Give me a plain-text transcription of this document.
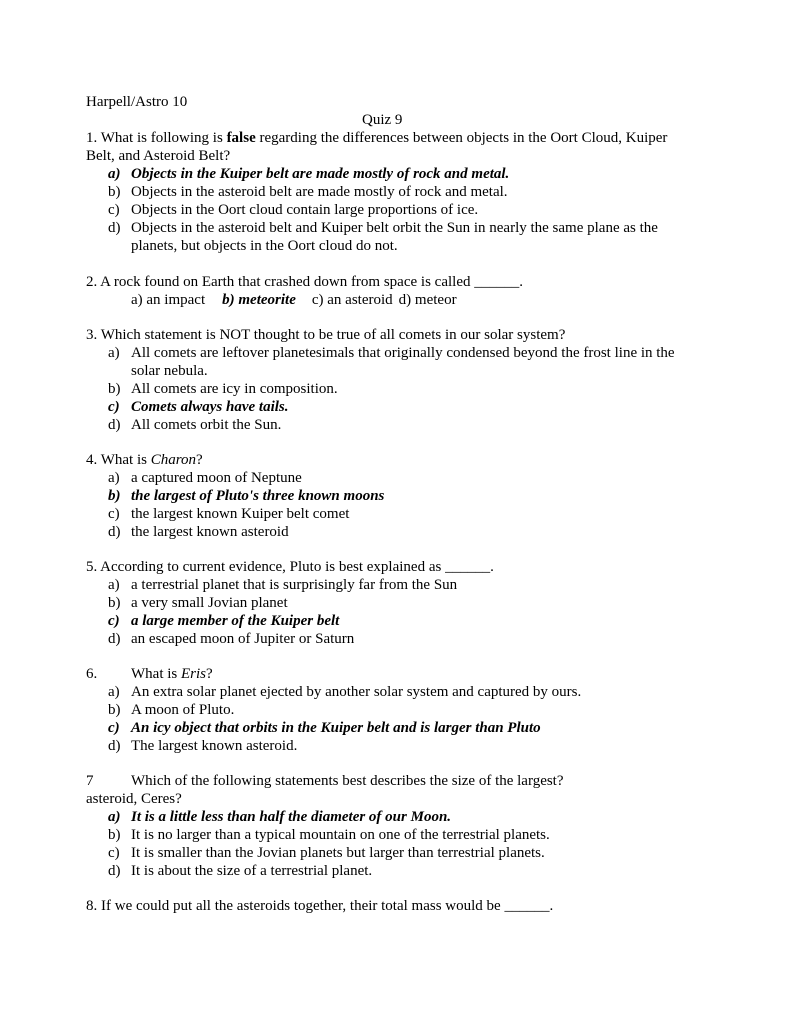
Harpell/Astro 10
Quiz 9
1. What is following is false regarding the differences between objects in the Oort Cloud, Kuiper
Belt, and Asteroid Belt?
a) Objects in the Kuiper belt are made mostly of rock and metal.
b) Objects in the asteroid belt are made mostly of rock and metal.
c) Objects in the Oort cloud contain large proportions of ice.
d) Objects in the asteroid belt and Kuiper belt orbit the Sun in nearly the same plane as the
planets, but objects in the Oort cloud do not.
2. A rock found on Earth that crashed down from space is called ______.
a) an impact b) meteorite c) an asteroid d) meteor
3. Which statement is NOT thought to be true of all comets in our solar system?
a) All comets are leftover planetesimals that originally condensed beyond the frost line in the
solar nebula.
b) All comets are icy in composition.
c) Comets always have tails.
d) All comets orbit the Sun.
4. What is Charon?
a) a captured moon of Neptune
b) the largest of Pluto's three known moons
c) the largest known Kuiper belt comet
d) the largest known asteroid
5. According to current evidence, Pluto is best explained as ______.
a) a terrestrial planet that is surprisingly far from the Sun
b) a very small Jovian planet
c) a large member of the Kuiper belt
d) an escaped moon of Jupiter or Saturn
6. What is Eris?
a) An extra solar planet ejected by another solar system and captured by ours.
b) A moon of Pluto.
c) An icy object that orbits in the Kuiper belt and is larger than Pluto
d) The largest known asteroid.
7	Which of the following statements best describes the size of the largest?
asteroid, Ceres?
a) It is a little less than half the diameter of our Moon.
b) It is no larger than a typical mountain on one of the terrestrial planets.
c) It is smaller than the Jovian planets but larger than terrestrial planets.
d) It is about the size of a terrestrial planet.
8. If we could put all the asteroids together, their total mass would be ______.
